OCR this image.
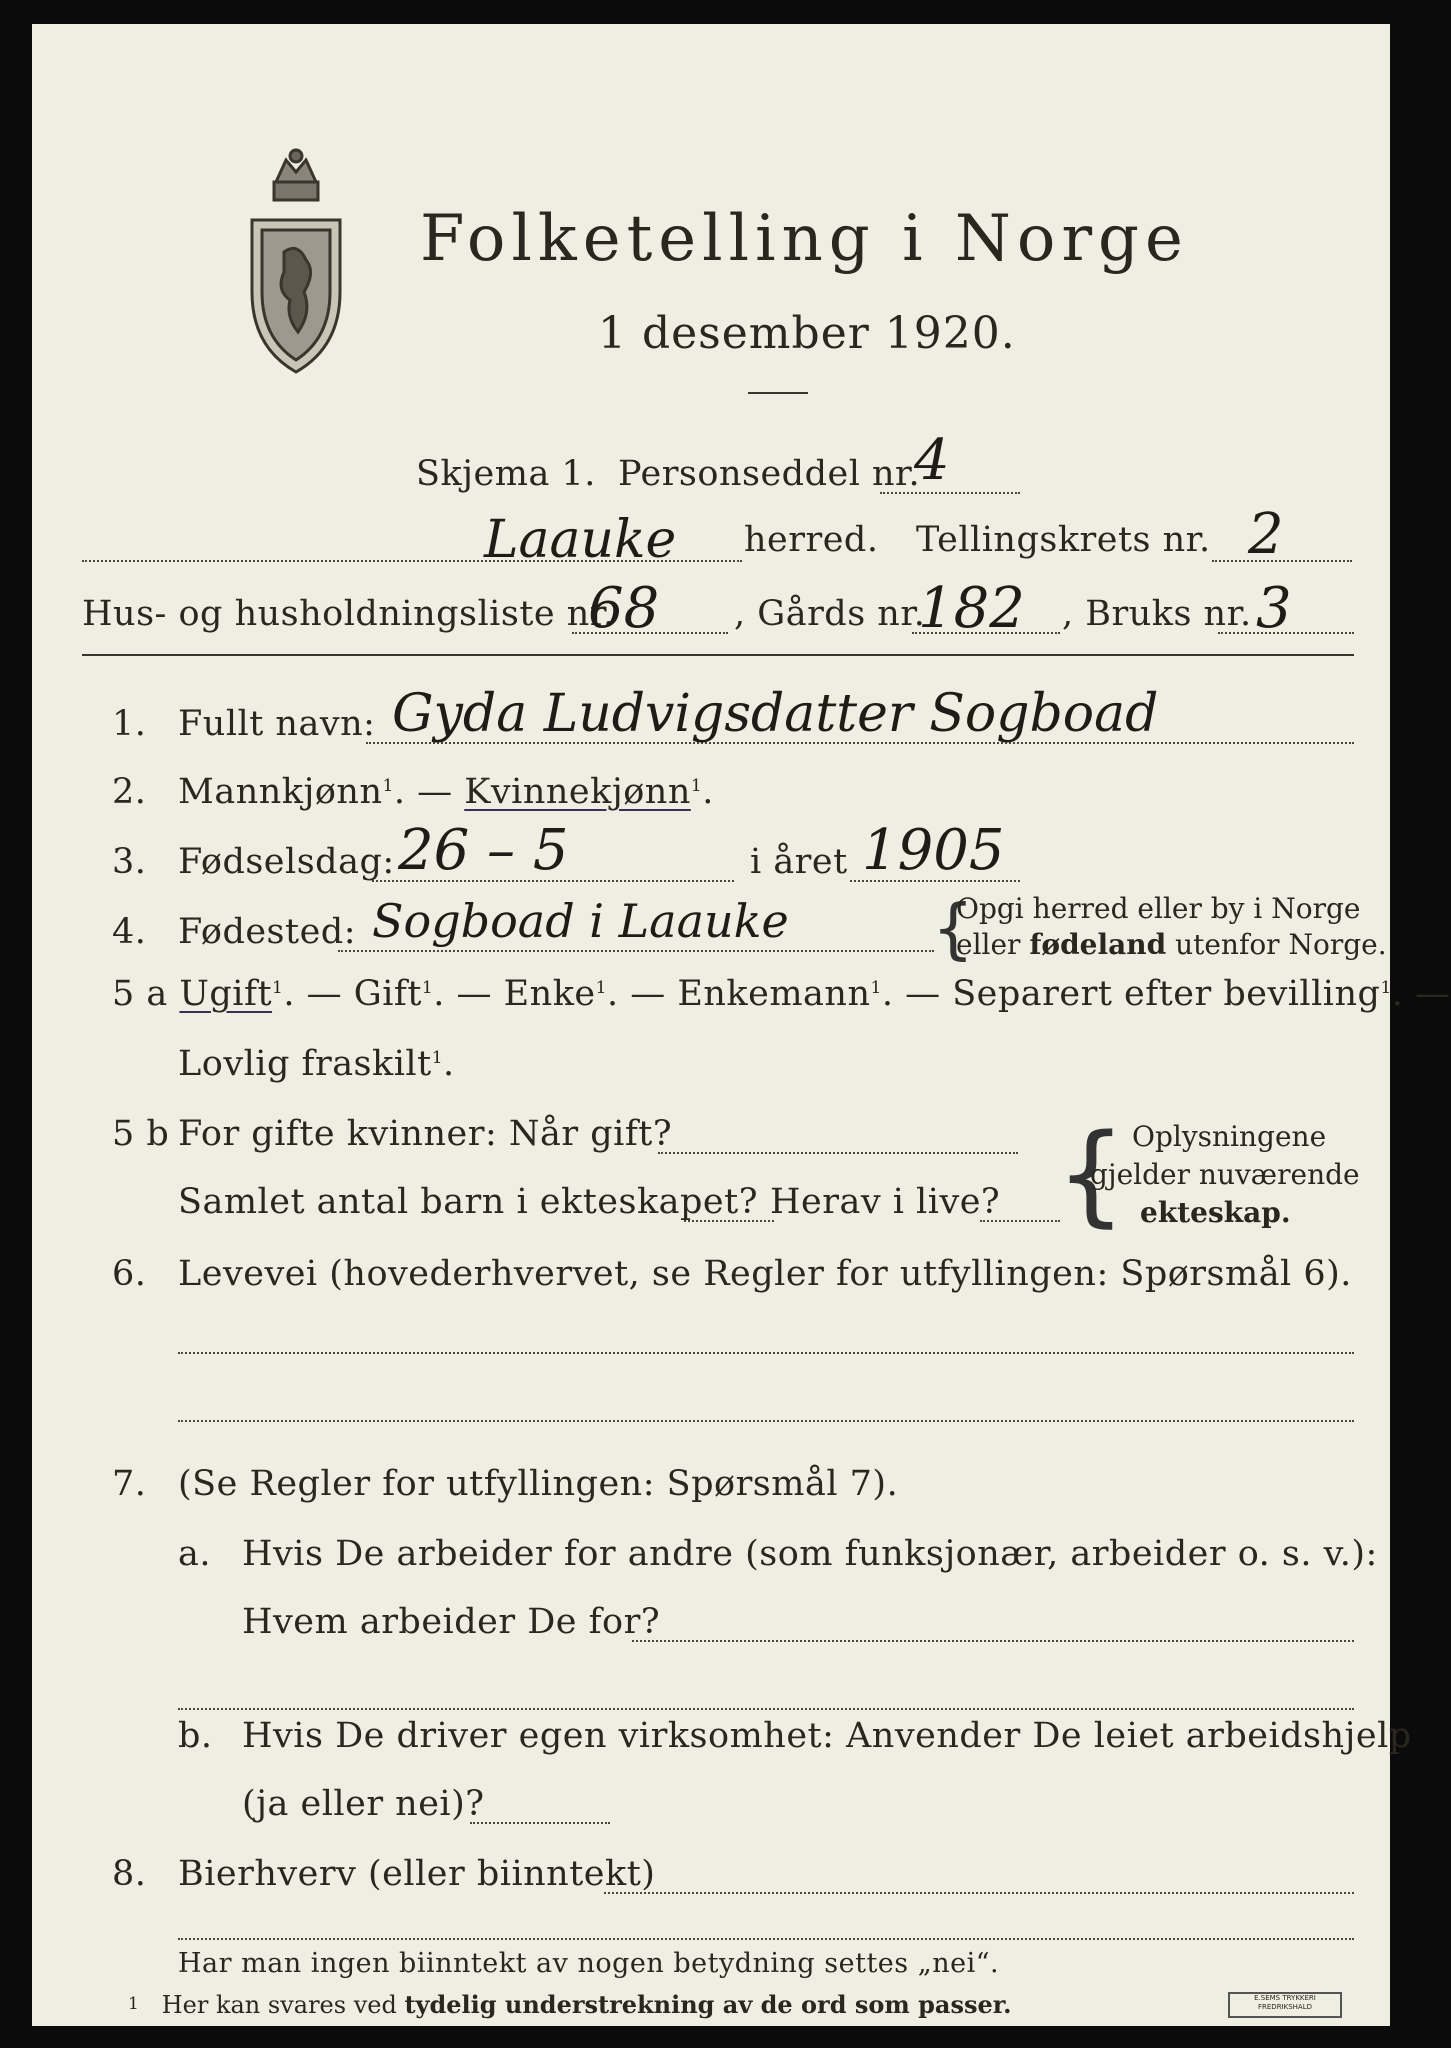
Folketelling i Norge
1 desember 1920.
Skjema 1. Personseddel nr.
4
Laauke herred. Tellingskrets nr. 2
Hus- og husholdningsliste nr.
68 , Gårds nr.
182 , Bruks nr. 3
1. Fullt navn: Gyda Ludvigsdatter Sogboad
2. Mannkjønn$^1$. — Kvinnekjønn$^1$.
3. Fødselsdag: 26 – 5	i året 1905
4. Fødested: Sogboad i Laauke {
Opgi herred eller by i Norge
eller fødeland utenfor Norge.
5 a Ugift$^1$. — Gift$^1$. — Enke$^1$. — Enkemann$^1$. — Separert efter bevilling$^1$. —
Lovlig fraskilt$^1$.
5 b For gifte kvinner: Når gift?
Samlet antal barn i ekteskapet? Herav i live? { Oplysningene
gjelder nuværende
ekteskap.
6. Levevei (hovederhvervet, se Regler for utfyllingen: Spørsmål 6).
7. (Se Regler for utfyllingen: Spørsmål 7).
a. Hvis De arbeider for andre (som funksjonær, arbeider o. s. v.):
Hvem arbeider De for?
b. Hvis De driver egen virksomhet: Anvender De leiet arbeidshjelp
(ja eller nei)?
8. Bierhverv (eller biinntekt)
Har man ingen biinntekt av nogen betydning settes „nei“.
$^1$ Her kan svares ved tydelig understrekning av de ord som passer.	E.SEMS TRYKKERI FREDRIKSHALD
